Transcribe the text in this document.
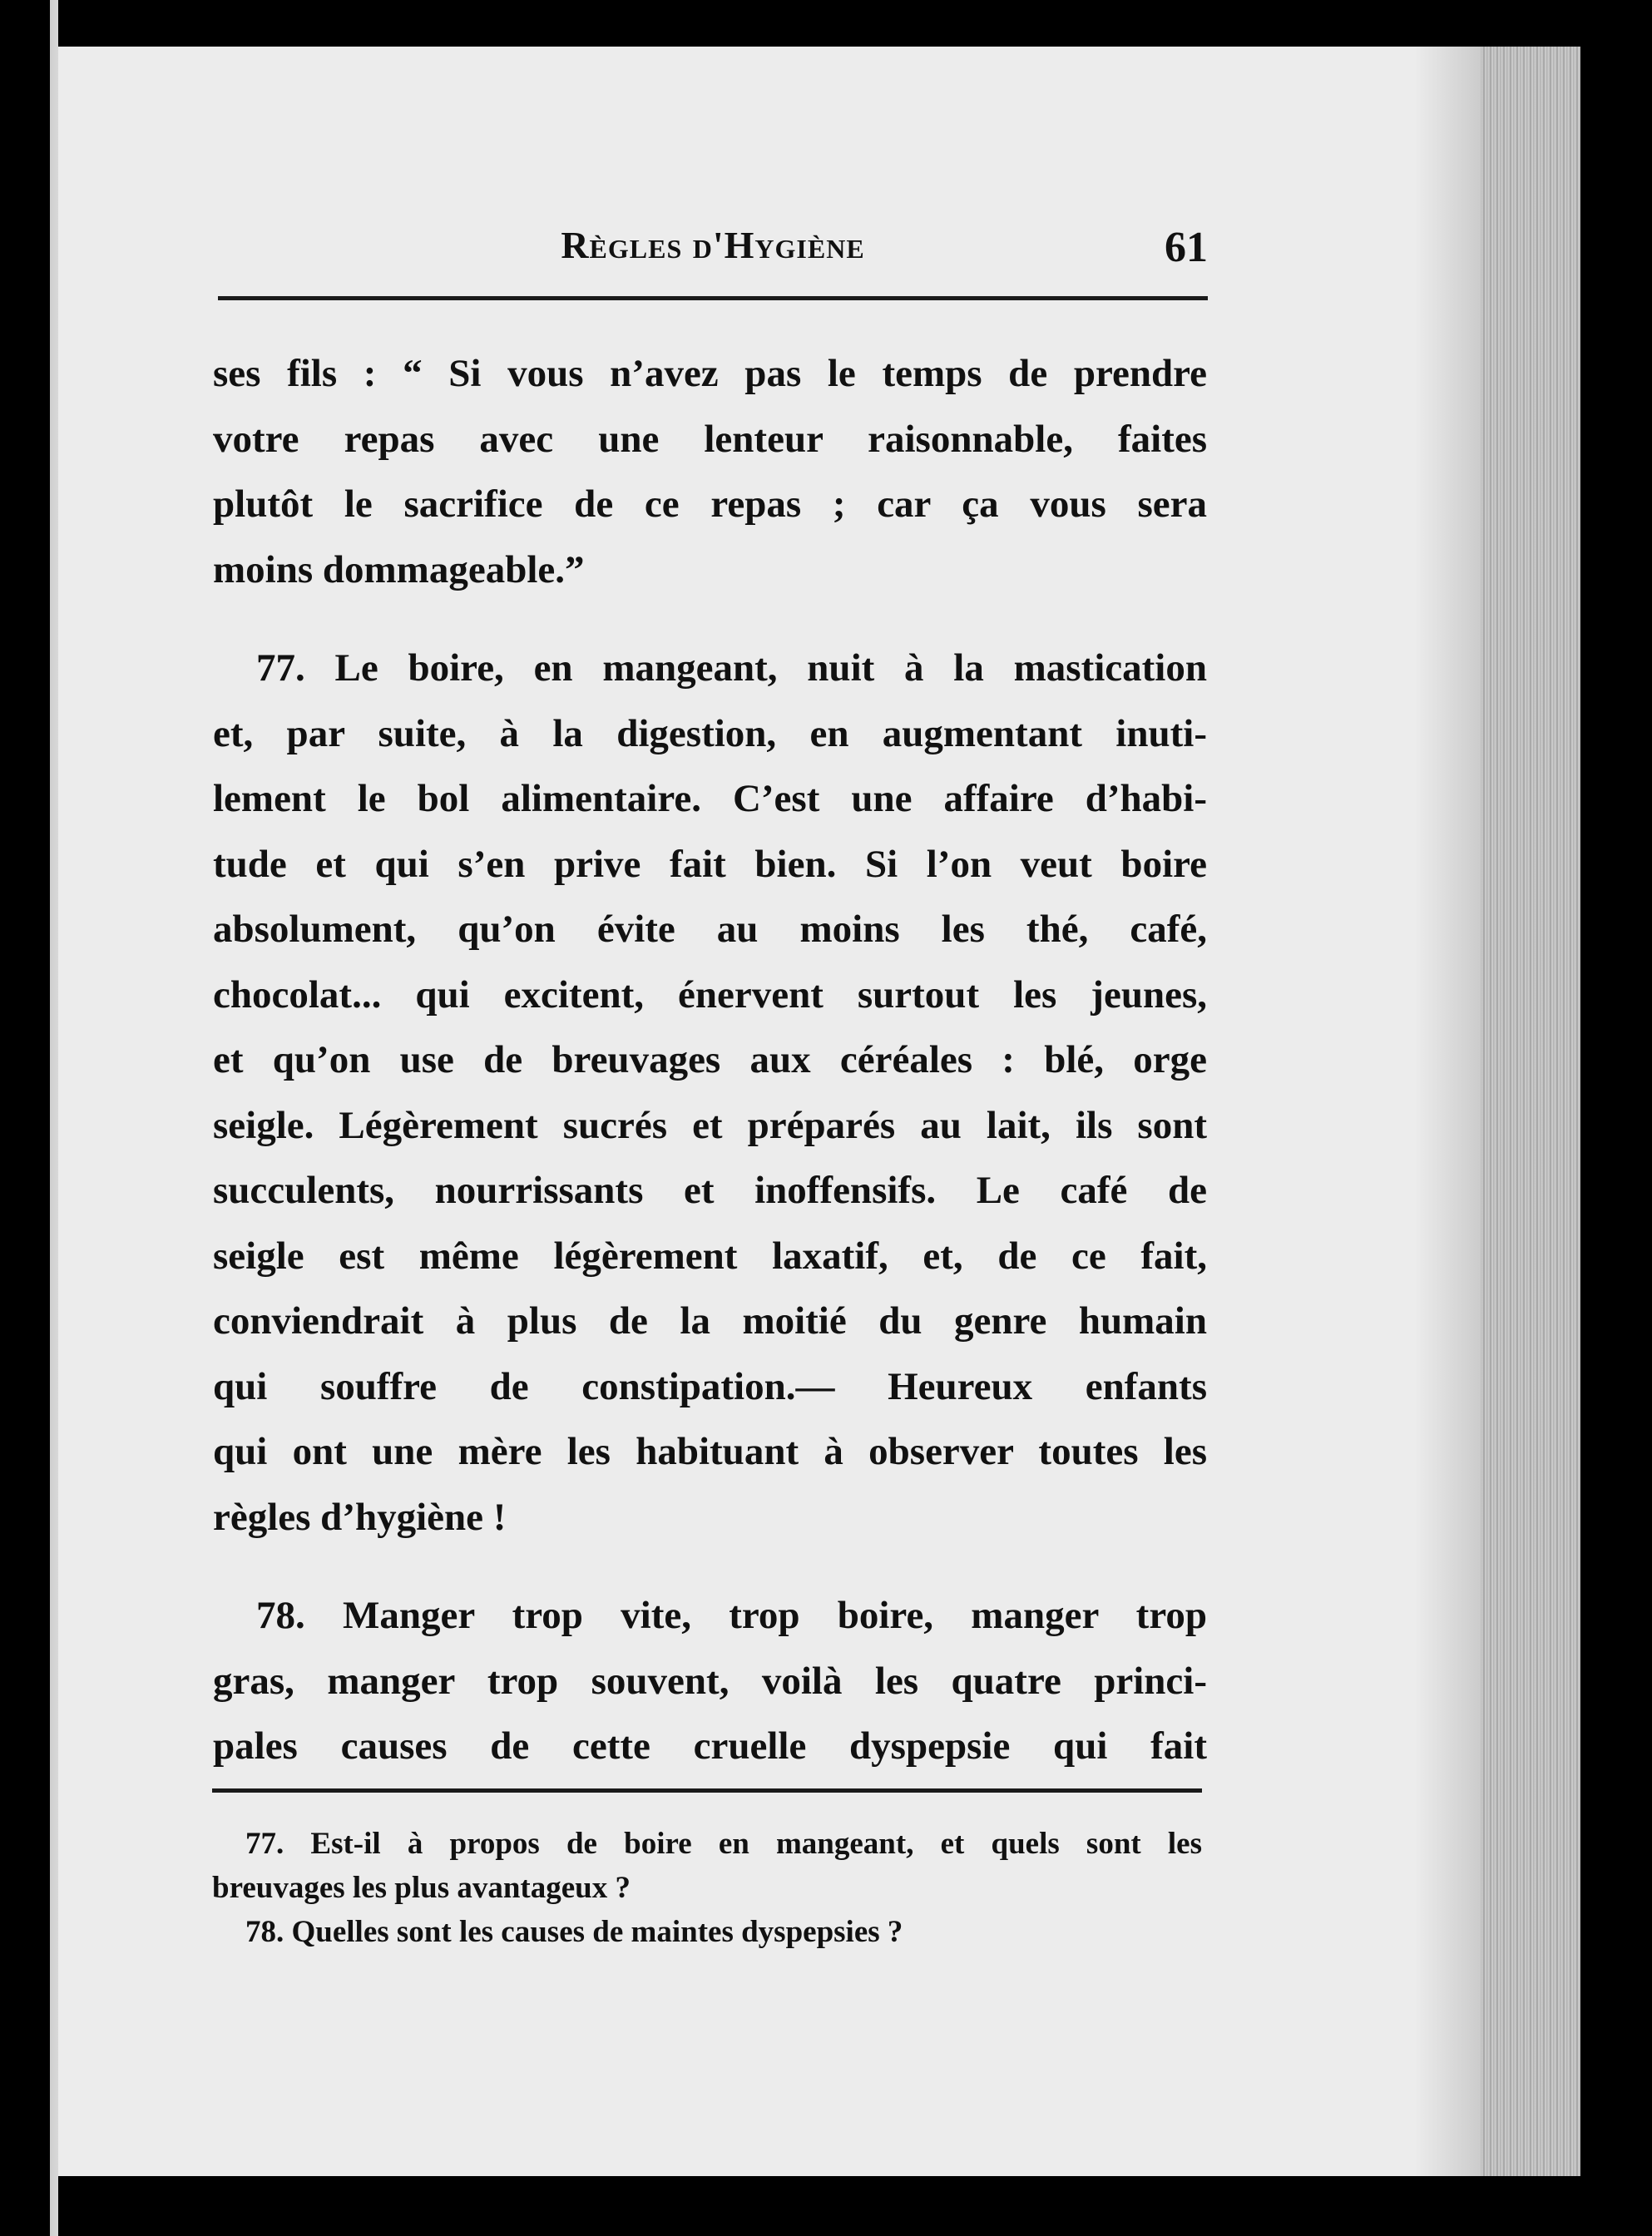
Règles d'Hygiène	61
ses fils : “ Si vous n’avez pas le temps de prendre
votre repas avec une lenteur raisonnable, faites
plutôt le sacrifice de ce repas ; car ça vous sera
moins dommageable.”
77. Le boire, en mangeant, nuit à la mastication
et, par suite, à la digestion, en augmentant inuti-
lement le bol alimentaire. C’est une affaire d’habi-
tude et qui s’en prive fait bien. Si l’on veut boire
absolument, qu’on évite au moins les thé, café,
chocolat... qui excitent, énervent surtout les jeunes,
et qu’on use de breuvages aux céréales : blé, orge
seigle. Légèrement sucrés et préparés au lait, ils sont
succulents, nourrissants et inoffensifs. Le café de
seigle est même légèrement laxatif, et, de ce fait,
conviendrait à plus de la moitié du genre humain
qui souffre de constipation.— Heureux enfants
qui ont une mère les habituant à observer toutes les
règles d’hygiène !
78. Manger trop vite, trop boire, manger trop
gras, manger trop souvent, voilà les quatre princi-
pales causes de cette cruelle dyspepsie qui fait
77. Est-il à propos de boire en mangeant, et quels sont les
breuvages les plus avantageux ?
78. Quelles sont les causes de maintes dyspepsies ?
